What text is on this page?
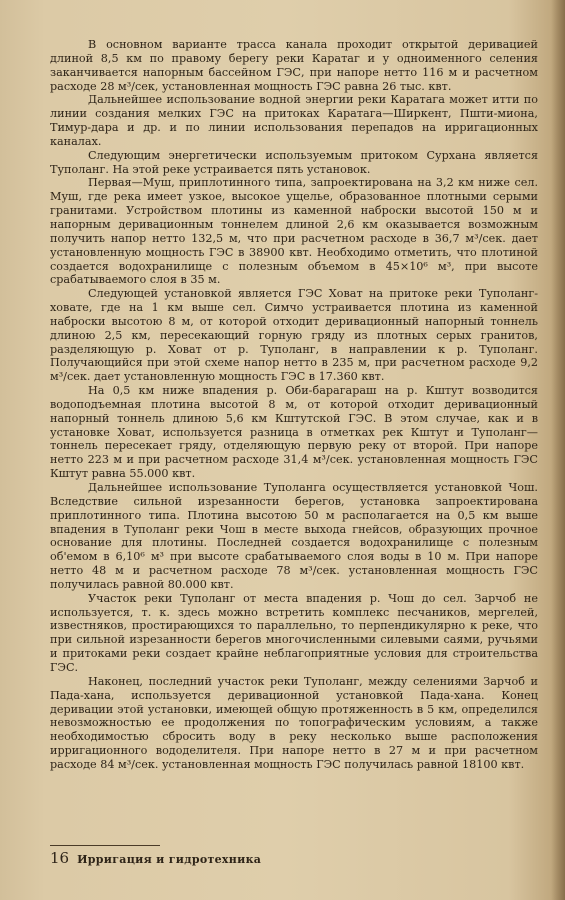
В основном варианте трасса канала проходит открытой деривацией длиной 8,5 км по правому берегу реки Каратаг и у одноименного селения заканчивается напорным бассейном ГЭС, при напоре нетто 116 м и расчетном расходе 28 м³/сек, установленная мощность ГЭС равна 26 тыс. квт.

Дальнейшее использование водной энергии реки Каратага может итти по линии создания мелких ГЭС на притоках Каратага—Ширкент, Пшти-миона, Тимур-дара и др. и по линии использования перепадов на ирригационных каналах.

Следующим энергетически используемым притоком Сурхана является Туполанг. На этой реке устраивается пять установок.

Первая—Муш, приплотинного типа, запроектирована на 3,2 км ниже сел. Муш, где река имеет узкое, высокое ущелье, образованное плотными серыми гранитами. Устройством плотины из каменной наброски высотой 150 м и напорным деривационным тоннелем длиной 2,6 км оказывается возможным получить напор нетто 132,5 м, что при расчетном расходе в 36,7 м³/сек. дает установленную мощность ГЭС в 38900 квт. Необходимо отметить, что плотиной создается водохранилище с полезным объемом в 45×10⁶ м³, при высоте срабатываемого слоя в 35 м.

Следующей установкой является ГЭС Ховат на притоке реки Туполанг-ховате, где на 1 км выше сел. Симчо устраивается плотина из каменной наброски высотою 8 м, от которой отходит деривационный напорный тоннель длиною 2,5 км, пересекающий горную гряду из плотных серых гранитов, разделяющую р. Ховат от р. Туполанг, в направлении к р. Туполанг. Получающийся при этой схеме напор нетто в 235 м, при расчетном расходе 9,2 м³/сек. дает установленную мощность ГЭС в 17.360 квт.

На 0,5 км ниже впадения р. Оби-барагараш на р. Кштут возводится водоподъемная плотина высотой 8 м, от которой отходит деривационный напорный тоннель длиною 5,6 км Кштутской ГЭС. В этом случае, как и в установке Ховат, используется разница в отметках рек Кштут и Туполанг—тоннель пересекает гряду, отделяющую первую реку от второй. При напоре нетто 223 м и при расчетном расходе 31,4 м³/сек. установленная мощность ГЭС Кштут равна 55.000 квт.

Дальнейшее использование Туполанга осуществляется установкой Чош. Вследствие сильной изрезанности берегов, установка запроектирована приплотинного типа. Плотина высотою 50 м располагается на 0,5 км выше впадения в Туполанг реки Чош в месте выхода гнейсов, образующих прочное основание для плотины. Последней создается водохранилище с полезным об'емом в 6,10⁶ м³ при высоте срабатываемого слоя воды в 10 м. При напоре нетто 48 м и расчетном расходе 78 м³/сек. установленная мощность ГЭС получилась равной 80.000 квт.

Участок реки Туполанг от места впадения р. Чош до сел. Зарчоб не используется, т. к. здесь можно встретить комплекс песчаников, мергелей, известняков, простирающихся то параллельно, то перпендикулярно к реке, что при сильной изрезанности берегов многочисленными силевыми саями, ручьями и притоками реки создает крайне неблагоприятные условия для строительства ГЭС.

Наконец, последний участок реки Туполанг, между селениями Зарчоб и Пада-хана, используется деривационной установкой Пада-хана. Конец деривации этой установки, имеющей общую протяженность в 5 км, определился невозможностью ее продолжения по топографическим условиям, а также необходимостью сбросить воду в реку несколько выше расположения ирригационного вододелителя. При напоре нетто в 27 м и при расчетном расходе 84 м³/сек. установленная мощность ГЭС получилась равной 18100 квт.

16 Ирригация и гидротехника
